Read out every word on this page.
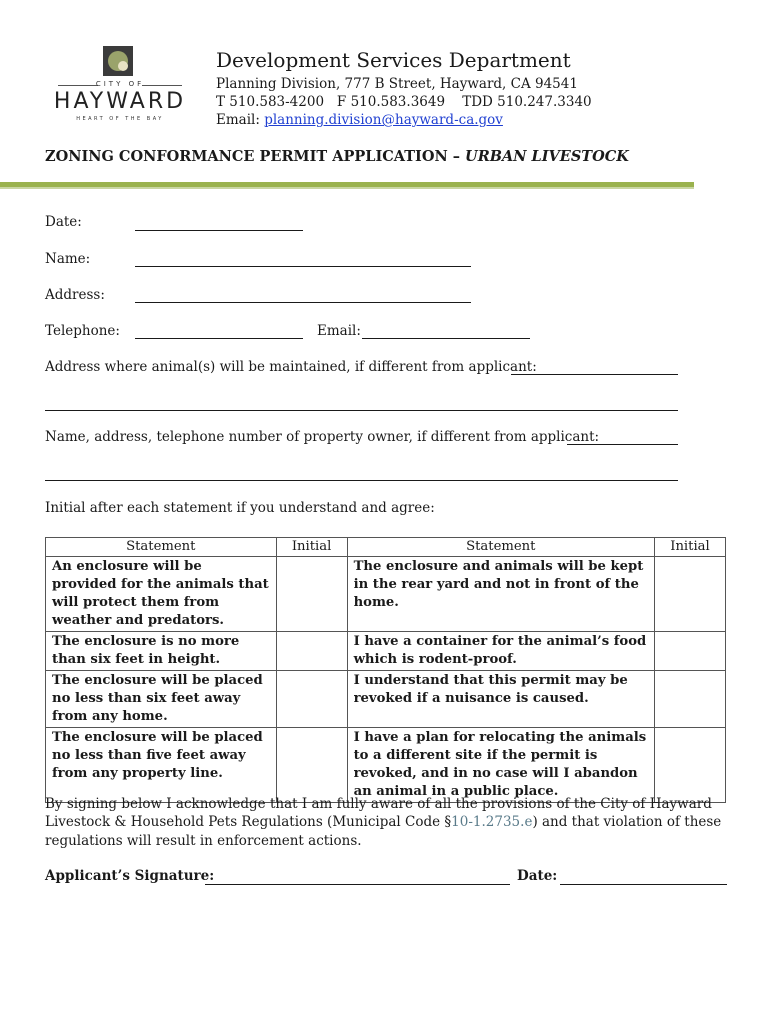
CITY OF
HAYWARD
HEART OF THE BAY
Development Services Department
Planning Division, 777 B Street, Hayward, CA 94541
T 510.583-4200   F 510.583.3649    TDD 510.247.3340
Email: planning.division@hayward-ca.gov
ZONING CONFORMANCE PERMIT APPLICATION – URBAN LIVESTOCK
Date:
Name:
Address:
Telephone:	Email:
Address where animal(s) will be maintained, if different from applicant:
Name, address, telephone number of property owner, if different from applicant:
Initial after each statement if you understand and agree:
Statement	Initial	Statement	Initial
An enclosure will be provided for the animals that will protect them from weather and predators.		The enclosure and animals will be kept in the rear yard and not in front of the home.	
The enclosure is no more than six feet in height.		I have a container for the animal’s food which is rodent-proof.	
The enclosure will be placed no less than six feet away from any home.		I understand that this permit may be revoked if a nuisance is caused.	
The enclosure will be placed no less than five feet away from any property line.		I have a plan for relocating the animals to a different site if the permit is revoked, and in no case will I abandon an animal in a public place.	
By signing below I acknowledge that I am fully aware of all the provisions of the City of Hayward Livestock & Household Pets Regulations (Municipal Code §10-1.2735.e) and that violation of these regulations will result in enforcement actions.
Applicant’s Signature:	Date:
